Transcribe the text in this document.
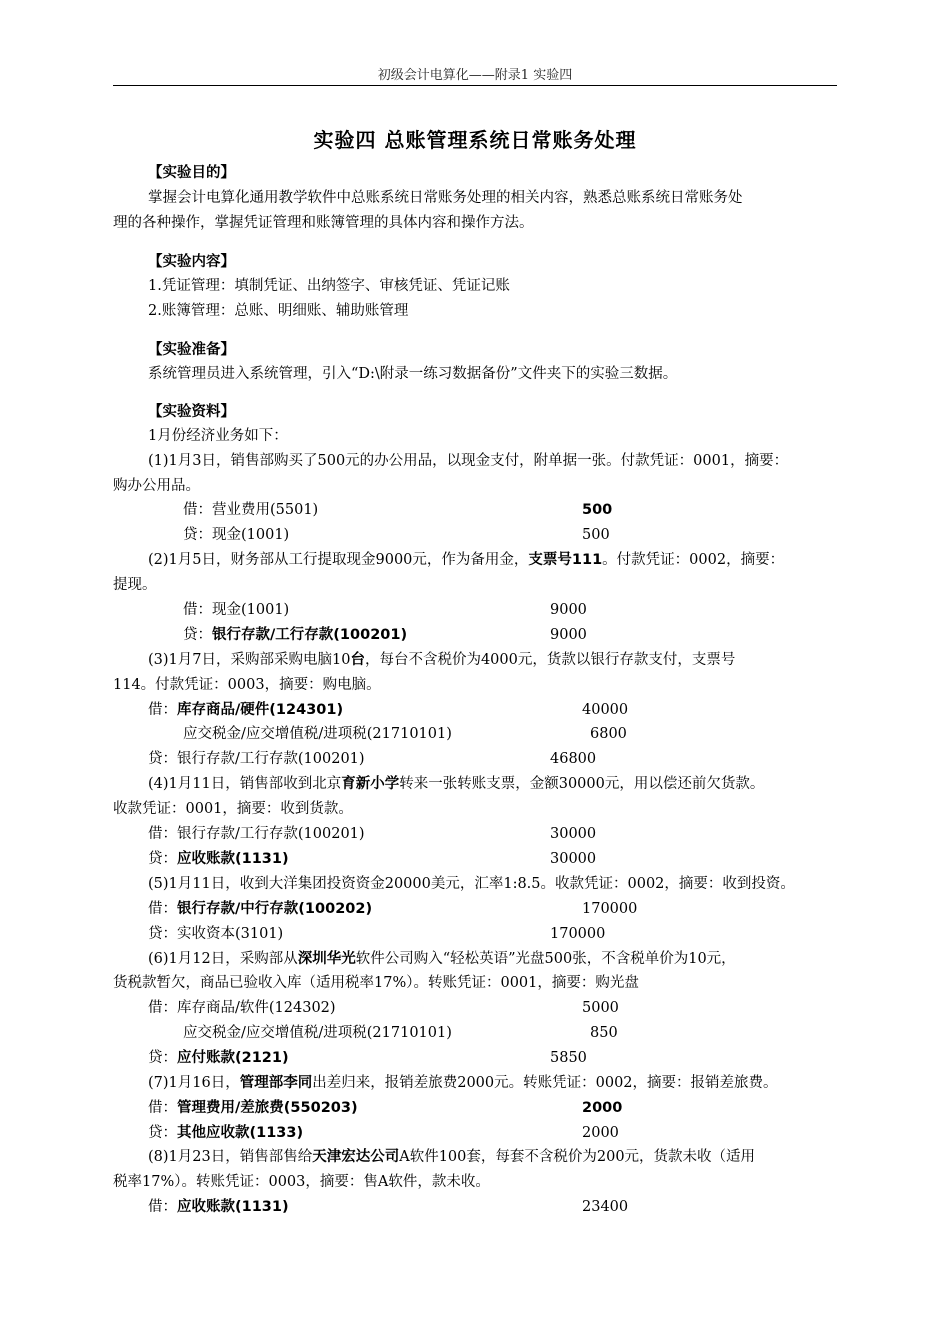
初级会计电算化——附录1 实验四
实验四 总账管理系统日常账务处理
【实验目的】
掌握会计电算化通用教学软件中总账系统日常账务处理的相关内容，熟悉总账系统日常账务处
理的各种操作，掌握凭证管理和账簿管理的具体内容和操作方法。
【实验内容】
1.凭证管理：填制凭证、出纳签字、审核凭证、凭证记账
2.账簿管理：总账、明细账、辅助账管理
【实验准备】
系统管理员进入系统管理，引入“D:\附录一练习数据备份”文件夹下的实验三数据。
【实验资料】
1月份经济业务如下：
(1)1月3日，销售部购买了500元的办公用品，以现金支付，附单据一张。付款凭证：0001，摘要：
购办公用品。
借：营业费用(5501)	500
贷：现金(1001)	500
(2)1月5日，财务部从工行提取现金9000元，作为备用金，支票号111。付款凭证：0002，摘要：
提现。
借：现金(1001)	9000
贷：银行存款/工行存款(100201)	9000
(3)1月7日，采购部采购电脑10台，每台不含税价为4000元，货款以银行存款支付，支票号
114。付款凭证：0003，摘要：购电脑。
借：库存商品/硬件(124301)	40000
应交税金/应交增值税/进项税(21710101)	6800
贷：银行存款/工行存款(100201)	46800
(4)1月11日，销售部收到北京育新小学转来一张转账支票，金额30000元，用以偿还前欠货款。
收款凭证：0001，摘要：收到货款。
借：银行存款/工行存款(100201)	30000
贷：应收账款(1131)	30000
(5)1月11日，收到大洋集团投资资金20000美元，汇率1:8.5。收款凭证：0002，摘要：收到投资。
借：银行存款/中行存款(100202)	170000
贷：实收资本(3101)	170000
(6)1月12日，采购部从深圳华光软件公司购入“轻松英语”光盘500张，不含税单价为10元，
货税款暂欠，商品已验收入库（适用税率17%）。转账凭证：0001，摘要：购光盘
借：库存商品/软件(124302)	5000
应交税金/应交增值税/进项税(21710101)	850
贷：应付账款(2121)	5850
(7)1月16日，管理部李同出差归来，报销差旅费2000元。转账凭证：0002，摘要：报销差旅费。
借：管理费用/差旅费(550203)	2000
贷：其他应收款(1133)	2000
(8)1月23日，销售部售给天津宏达公司A软件100套，每套不含税价为200元，货款未收（适用
税率17%）。转账凭证：0003，摘要：售A软件，款未收。
借：应收账款(1131)	23400
